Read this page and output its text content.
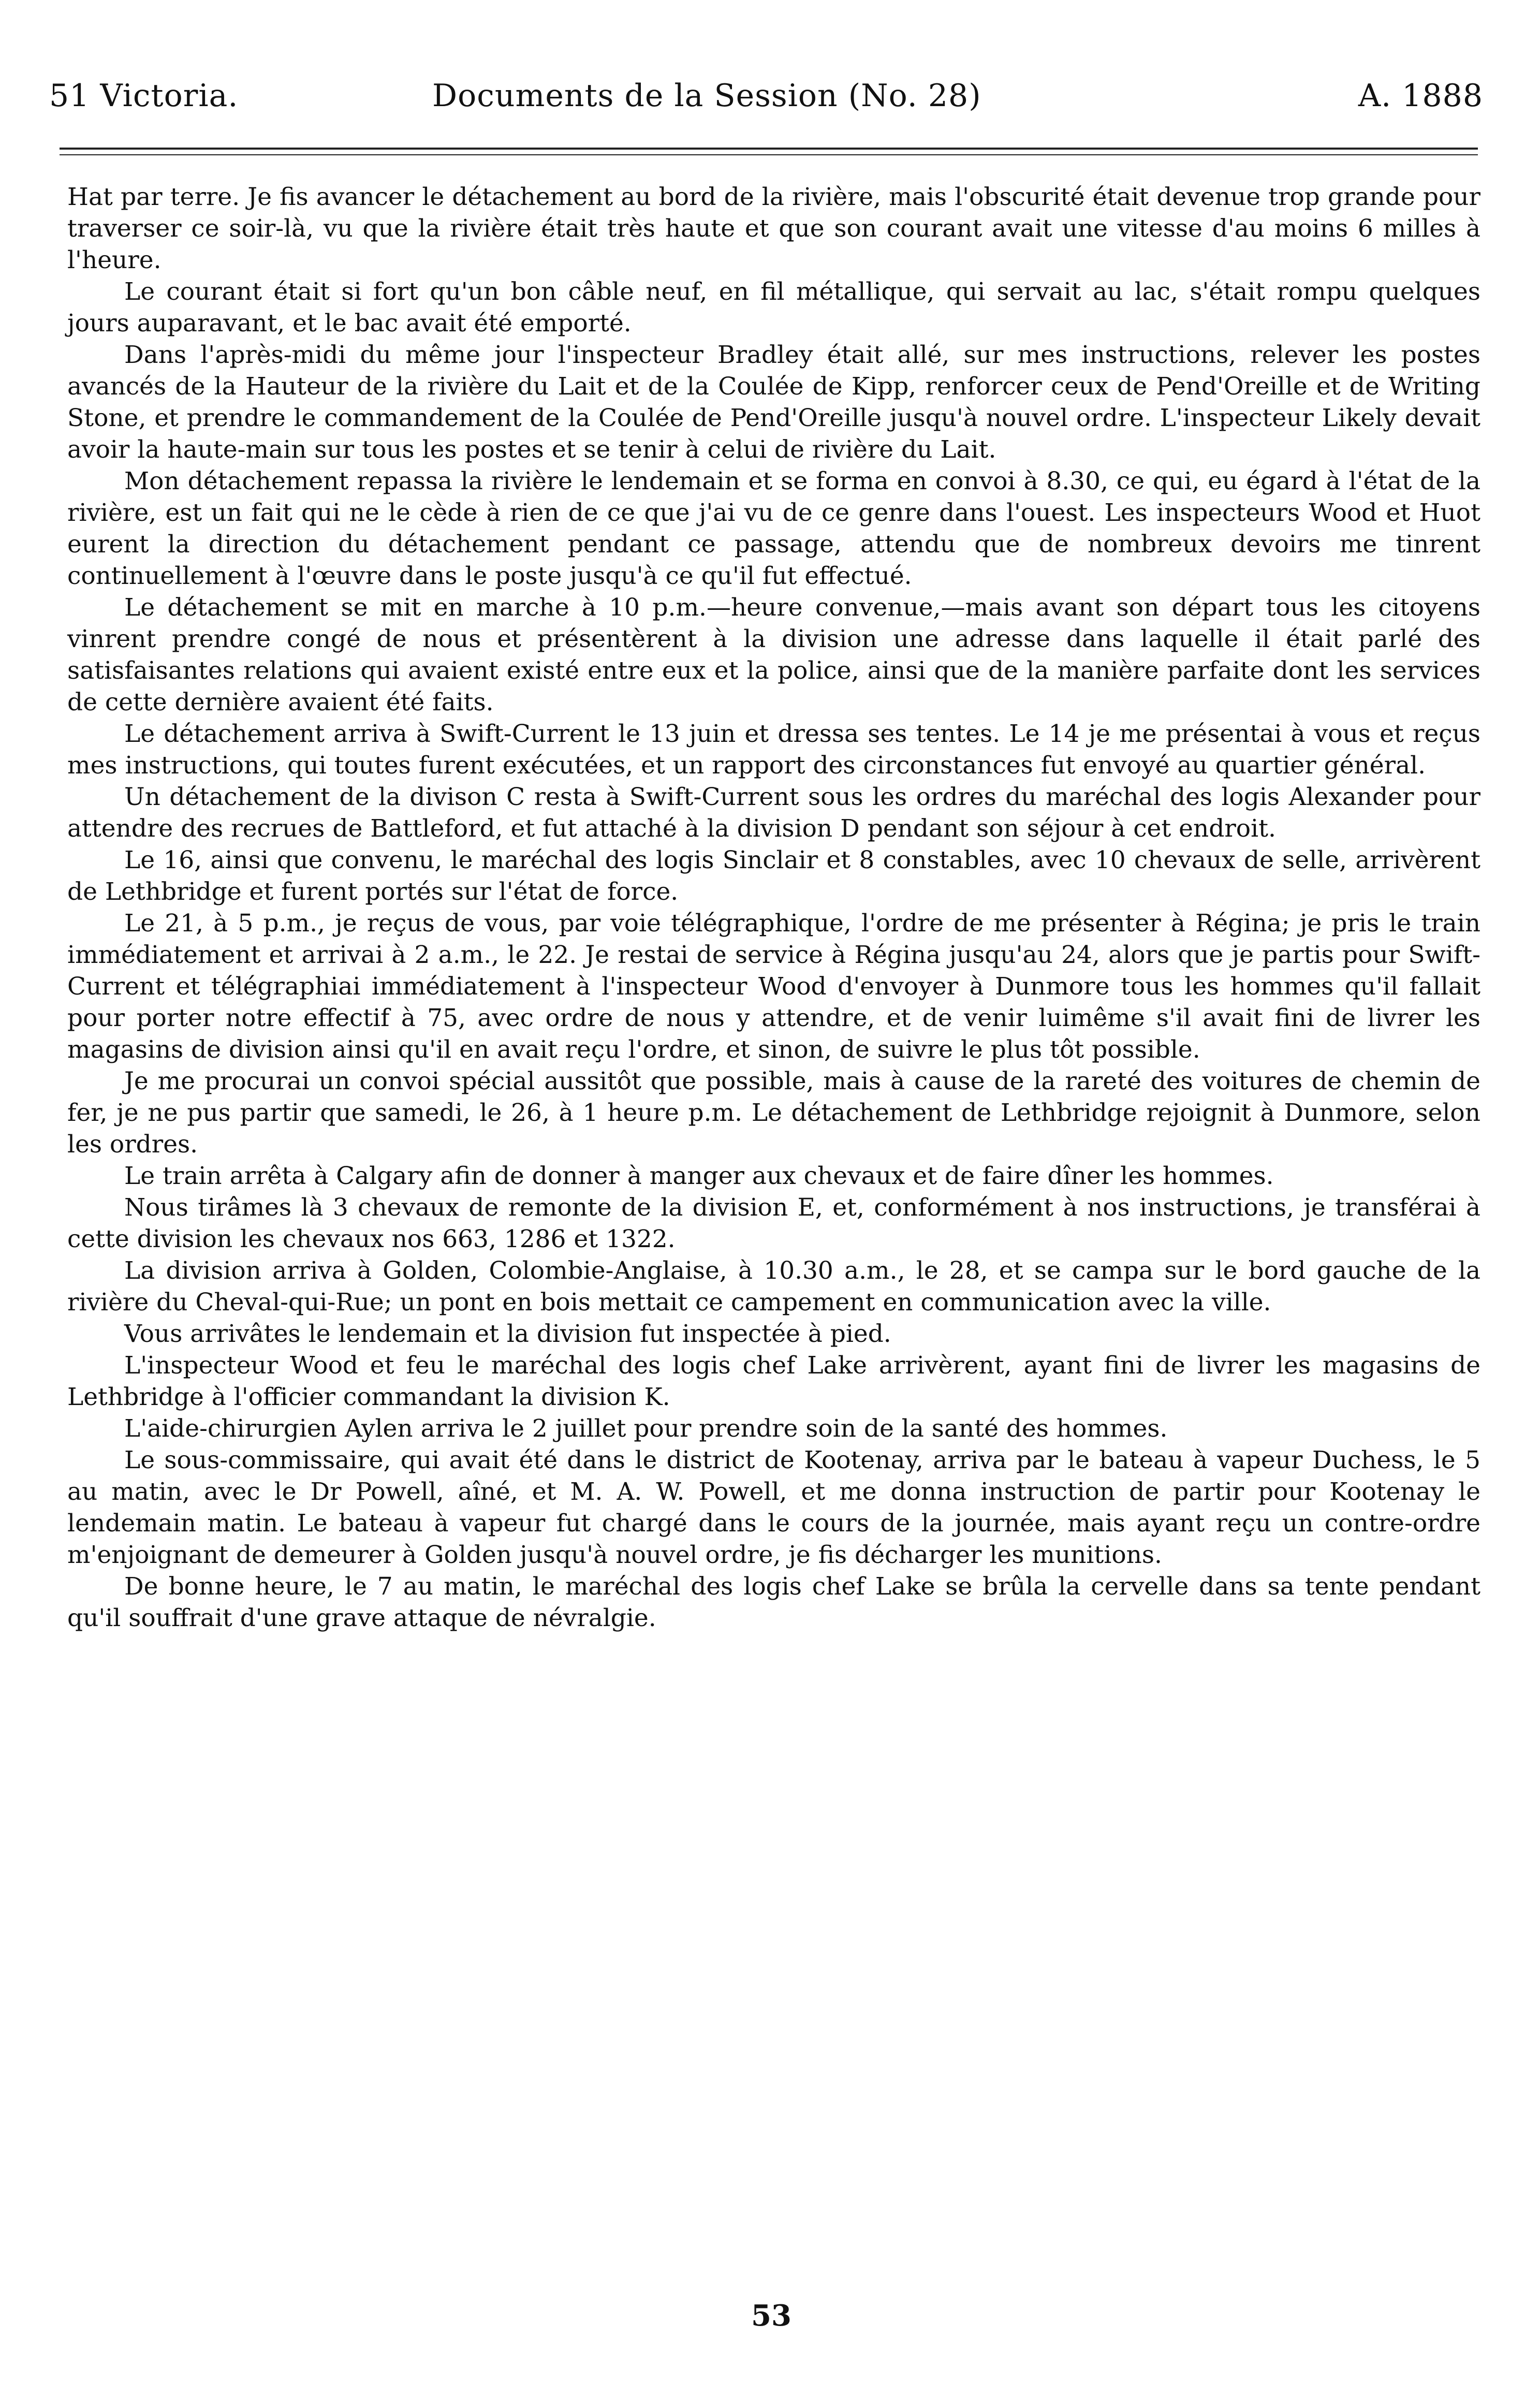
51 Victoria.	Documents de la Session (No. 28)	A. 1888

Hat par terre. Je fis avancer le détachement au bord de la rivière, mais l'obscurité était devenue trop grande pour traverser ce soir-là, vu que la rivière était très haute et que son courant avait une vitesse d'au moins 6 milles à l'heure.

Le courant était si fort qu'un bon câble neuf, en fil métallique, qui servait au lac, s'était rompu quelques jours auparavant, et le bac avait été emporté.

Dans l'après-midi du même jour l'inspecteur Bradley était allé, sur mes instructions, relever les postes avancés de la Hauteur de la rivière du Lait et de la Coulée de Kipp, renforcer ceux de Pend'Oreille et de Writing Stone, et prendre le commandement de la Coulée de Pend'Oreille jusqu'à nouvel ordre. L'inspecteur Likely devait avoir la haute-main sur tous les postes et se tenir à celui de rivière du Lait.

Mon détachement repassa la rivière le lendemain et se forma en convoi à 8.30, ce qui, eu égard à l'état de la rivière, est un fait qui ne le cède à rien de ce que j'ai vu de ce genre dans l'ouest. Les inspecteurs Wood et Huot eurent la direction du détachement pendant ce passage, attendu que de nombreux devoirs me tinrent continuellement à l'œuvre dans le poste jusqu'à ce qu'il fut effectué.

Le détachement se mit en marche à 10 p.m.—heure convenue,—mais avant son départ tous les citoyens vinrent prendre congé de nous et présentèrent à la division une adresse dans laquelle il était parlé des satisfaisantes relations qui avaient existé entre eux et la police, ainsi que de la manière parfaite dont les services de cette dernière avaient été faits.

Le détachement arriva à Swift-Current le 13 juin et dressa ses tentes. Le 14 je me présentai à vous et reçus mes instructions, qui toutes furent exécutées, et un rapport des circonstances fut envoyé au quartier général.

Un détachement de la divison C resta à Swift-Current sous les ordres du maréchal des logis Alexander pour attendre des recrues de Battleford, et fut attaché à la division D pendant son séjour à cet endroit.

Le 16, ainsi que convenu, le maréchal des logis Sinclair et 8 constables, avec 10 chevaux de selle, arrivèrent de Lethbridge et furent portés sur l'état de force.

Le 21, à 5 p.m., je reçus de vous, par voie télégraphique, l'ordre de me présenter à Régina; je pris le train immédiatement et arrivai à 2 a.m., le 22. Je restai de service à Régina jusqu'au 24, alors que je partis pour Swift-Current et télégraphiai immédiatement à l'inspecteur Wood d'envoyer à Dunmore tous les hommes qu'il fallait pour porter notre effectif à 75, avec ordre de nous y attendre, et de venir luimême s'il avait fini de livrer les magasins de division ainsi qu'il en avait reçu l'ordre, et sinon, de suivre le plus tôt possible.

Je me procurai un convoi spécial aussitôt que possible, mais à cause de la rareté des voitures de chemin de fer, je ne pus partir que samedi, le 26, à 1 heure p.m. Le détachement de Lethbridge rejoignit à Dunmore, selon les ordres.

Le train arrêta à Calgary afin de donner à manger aux chevaux et de faire dîner les hommes.

Nous tirâmes là 3 chevaux de remonte de la division E, et, conformément à nos instructions, je transférai à cette division les chevaux nos 663, 1286 et 1322.

La division arriva à Golden, Colombie-Anglaise, à 10.30 a.m., le 28, et se campa sur le bord gauche de la rivière du Cheval-qui-Rue; un pont en bois mettait ce campement en communication avec la ville.

Vous arrivâtes le lendemain et la division fut inspectée à pied.

L'inspecteur Wood et feu le maréchal des logis chef Lake arrivèrent, ayant fini de livrer les magasins de Lethbridge à l'officier commandant la division K.

L'aide-chirurgien Aylen arriva le 2 juillet pour prendre soin de la santé des hommes.

Le sous-commissaire, qui avait été dans le district de Kootenay, arriva par le bateau à vapeur Duchess, le 5 au matin, avec le Dr Powell, aîné, et M. A. W. Powell, et me donna instruction de partir pour Kootenay le lendemain matin. Le bateau à vapeur fut chargé dans le cours de la journée, mais ayant reçu un contre-ordre m'enjoignant de demeurer à Golden jusqu'à nouvel ordre, je fis décharger les munitions.

De bonne heure, le 7 au matin, le maréchal des logis chef Lake se brûla la cervelle dans sa tente pendant qu'il souffrait d'une grave attaque de névralgie.

53
